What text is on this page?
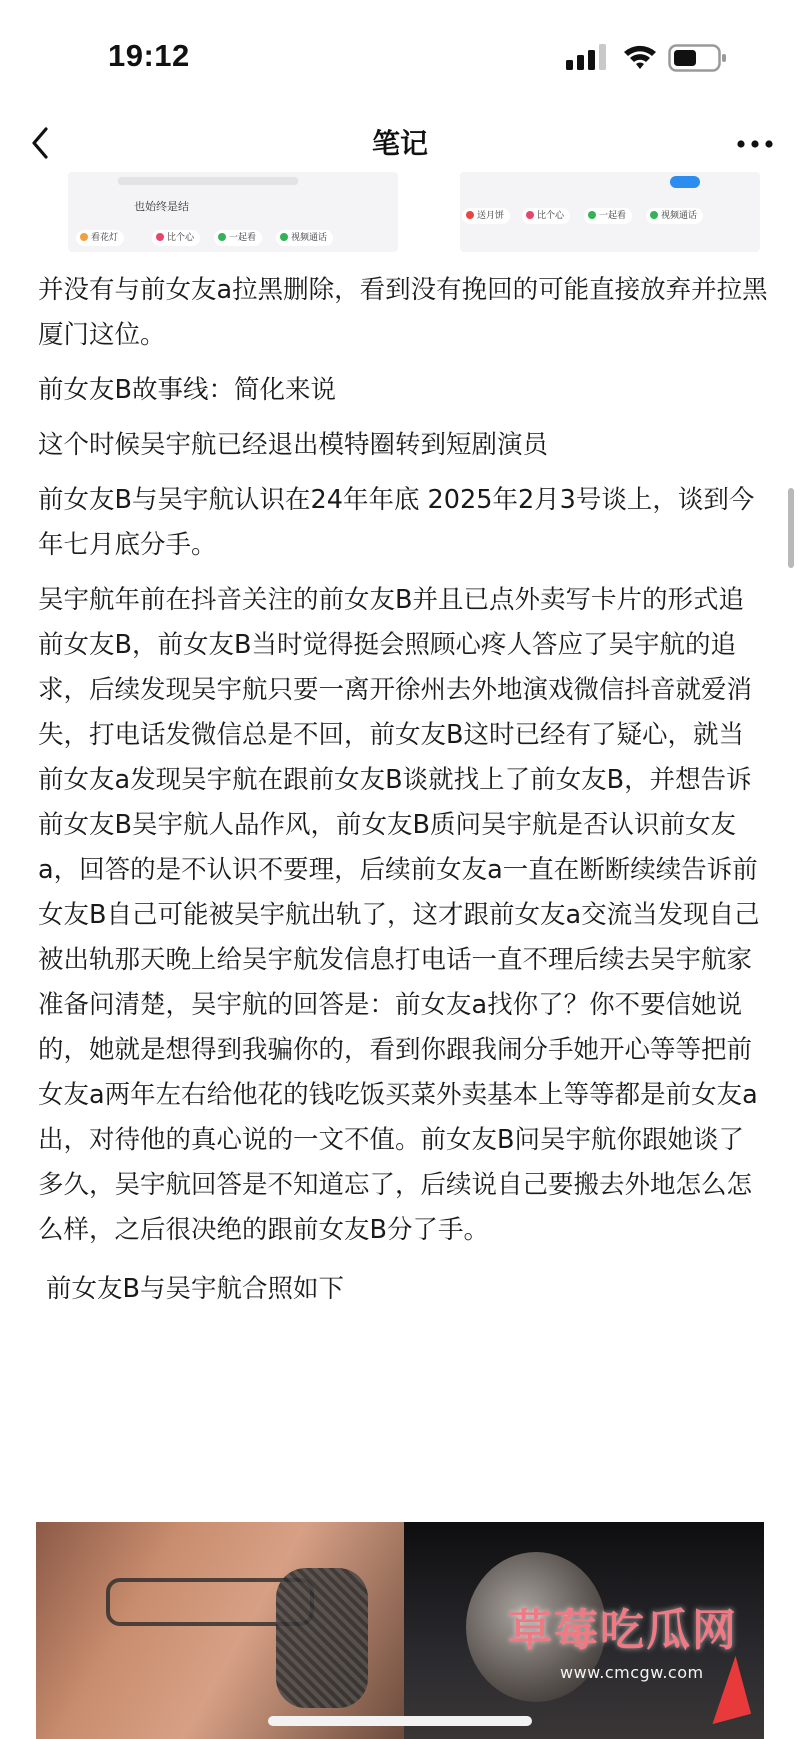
19:12
笔记
也始终是结
看花灯	比个心	一起看	视频通话
送月饼	比个心	一起看	视频通话

并没有与前女友a拉黑删除，看到没有挽回的可能直接放弃并拉黑厦门这位。

前女友B故事线：简化来说

这个时候吴宇航已经退出模特圈转到短剧演员

前女友B与吴宇航认识在24年年底 2025年2月3号谈上，谈到今年七月底分手。

吴宇航年前在抖音关注的前女友B并且已点外卖写卡片的形式追前女友B，前女友B当时觉得挺会照顾心疼人答应了吴宇航的追求，后续发现吴宇航只要一离开徐州去外地演戏微信抖音就爱消失，打电话发微信总是不回，前女友B这时已经有了疑心，就当前女友a发现吴宇航在跟前女友B谈就找上了前女友B，并想告诉前女友B吴宇航人品作风，前女友B质问吴宇航是否认识前女友a，回答的是不认识不要理，后续前女友a一直在断断续续告诉前女友B自己可能被吴宇航出轨了，这才跟前女友a交流当发现自己被出轨那天晚上给吴宇航发信息打电话一直不理后续去吴宇航家准备问清楚，吴宇航的回答是：前女友a找你了？你不要信她说的，她就是想得到我骗你的，看到你跟我闹分手她开心等等把前女友a两年左右给他花的钱吃饭买菜外卖基本上等等都是前女友a出，对待他的真心说的一文不值。前女友B问吴宇航你跟她谈了多久，吴宇航回答是不知道忘了，后续说自己要搬去外地怎么怎么样，之后很决绝的跟前女友B分了手。

前女友B与吴宇航合照如下

草莓吃瓜网
www.cmcgw.com
